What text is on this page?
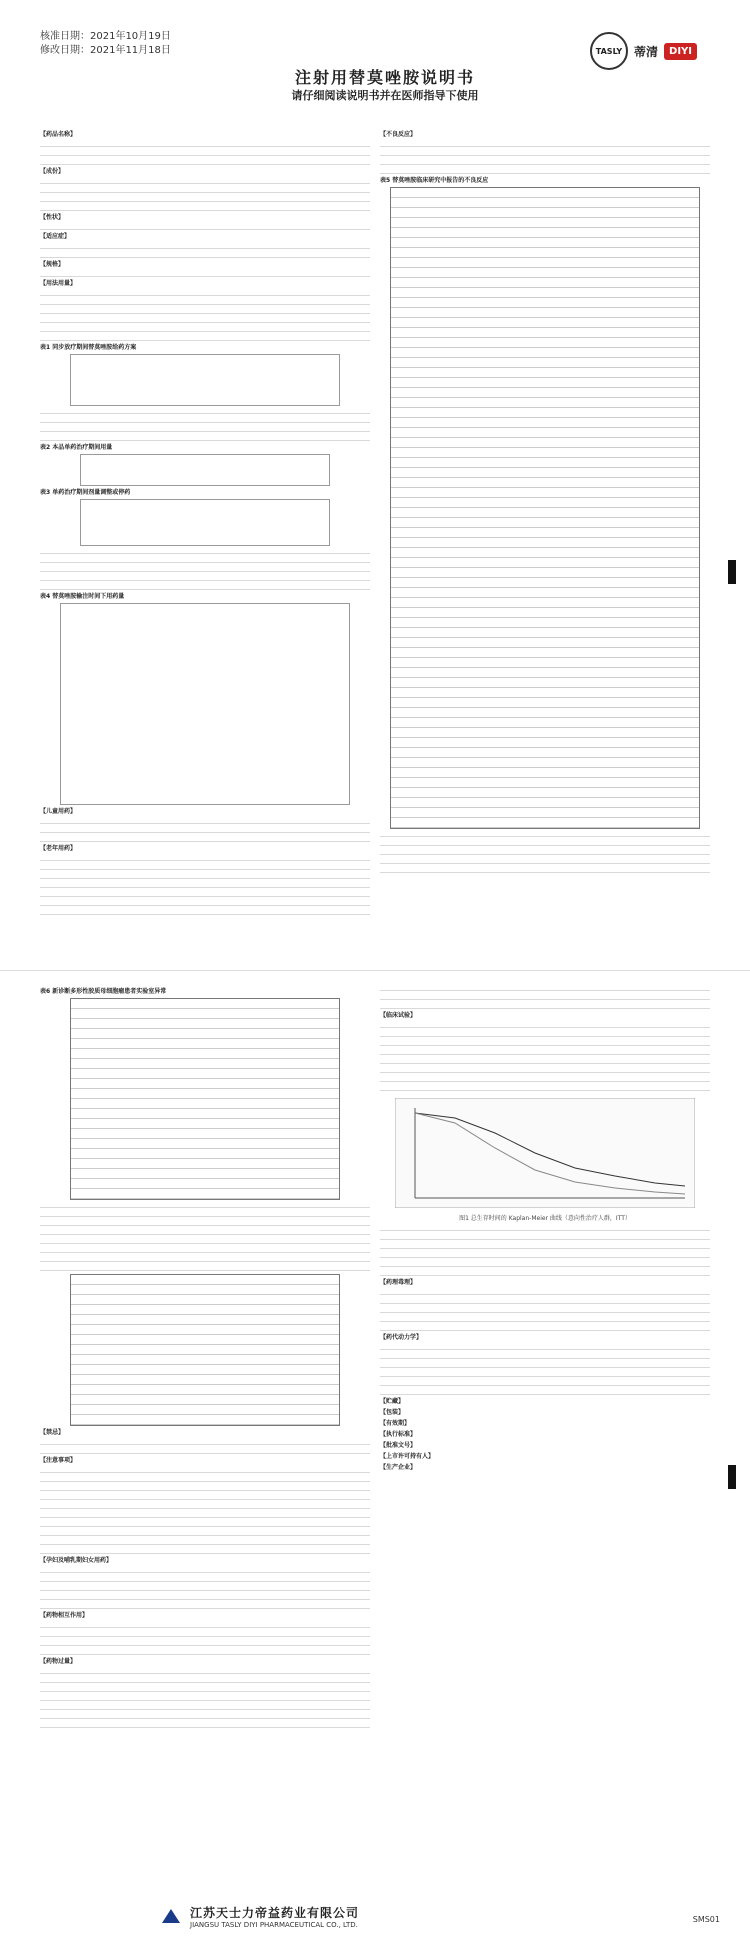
核准日期：2021年10月19日
修改日期：2021年11月18日	TASLY 蒂清	DIYI
注射用替莫唑胺说明书
请仔细阅读说明书并在医师指导下使用

【药品名称】

【成份】

【性状】

【适应症】

【规格】

【用法用量】

表1 同步放疗期间替莫唑胺给药方案

表2 本品单药治疗期间用量

表3 单药治疗期间剂量调整或停药

表4 替莫唑胺输注时间下用药量

【儿童用药】

【老年用药】

【不良反应】

表5 替莫唑胺临床研究中报告的不良反应

表6 新诊断多形性胶质母细胞瘤患者实验室异常

【禁忌】

【注意事项】

【孕妇及哺乳期妇女用药】

【药物相互作用】

【药物过量】

【临床试验】

图1 总生存时间的 Kaplan-Meier 曲线（意向性治疗人群，ITT）

【药理毒理】

【药代动力学】

【贮藏】

【包装】

【有效期】

【执行标准】

【批准文号】

【上市许可持有人】

【生产企业】

江苏天士力帝益药业有限公司
JIANGSU TASLY DIYI PHARMACEUTICAL CO., LTD.
SMS01
